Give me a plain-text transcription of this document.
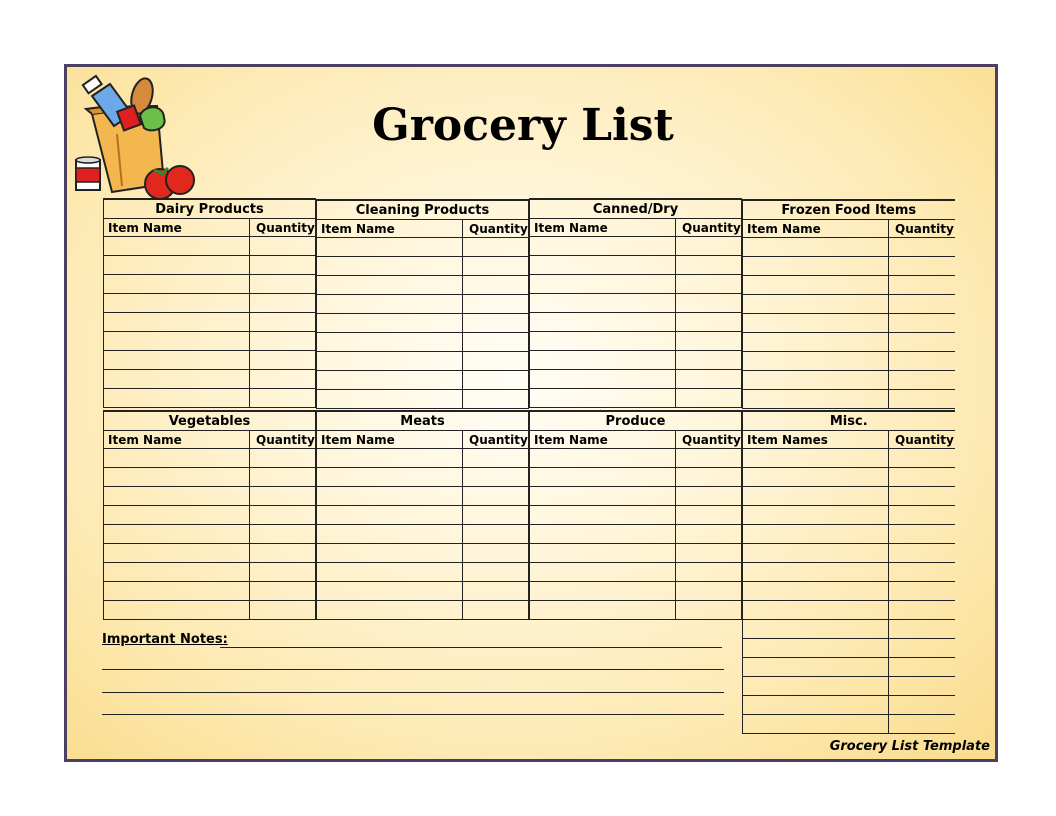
Grocery List
Dairy Products	
Item Name	Quantity

Cleaning Products	
Item Name	Quantity

Canned/Dry	
Item Name	Quantity

Frozen Food Items	
Item Name	Quantity

Vegetables	
Item Name	Quantity

Meats	
Item Name	Quantity

Produce	
Item Name	Quantity

Misc.	
Item Names	Quantity

Important Notes:
Grocery List Template
